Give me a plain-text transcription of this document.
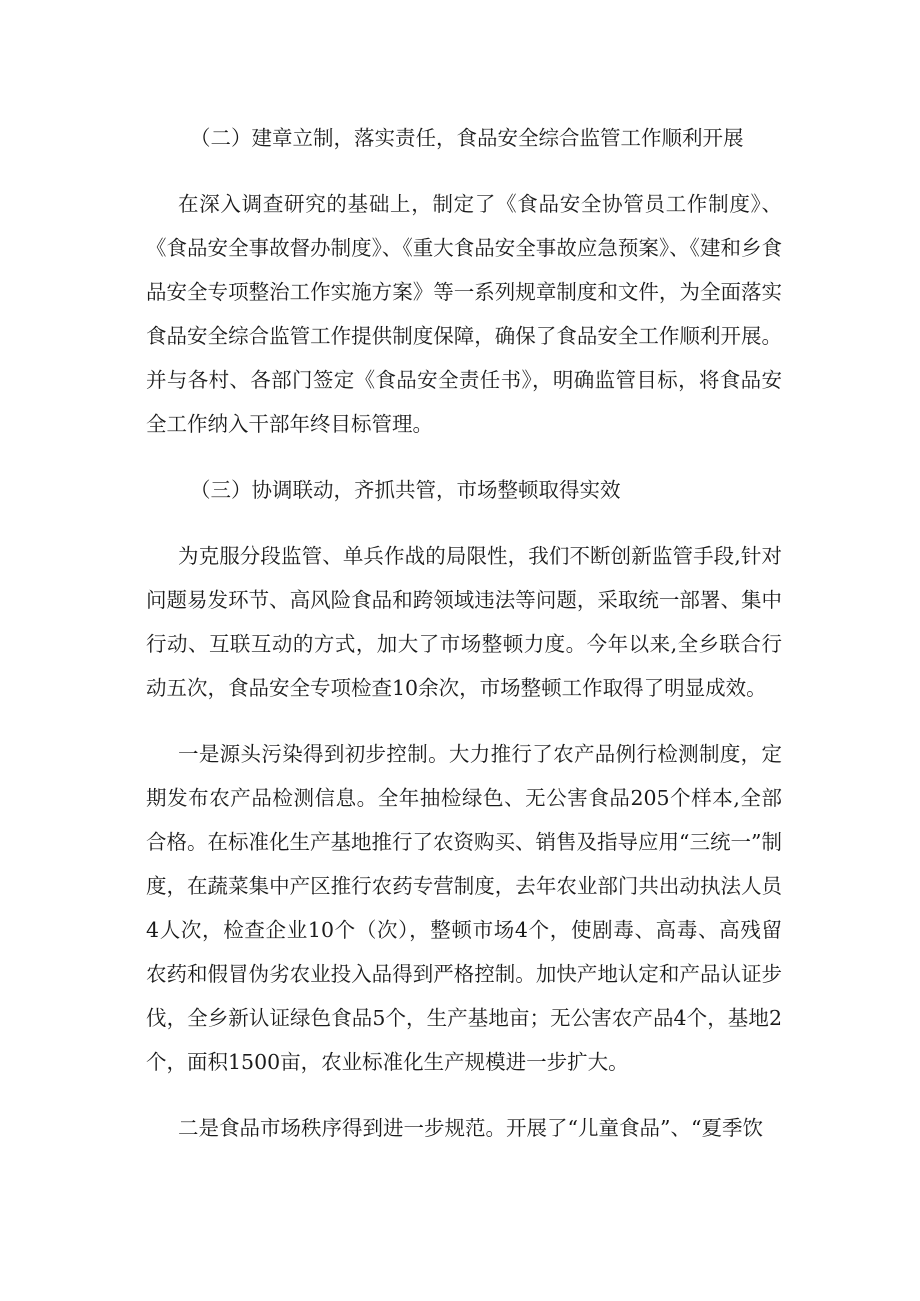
（二）建章立制，落实责任，食品安全综合监管工作顺利开展
在深入调查研究的基础上，制定了《食品安全协管员工作制度》、《食品安全事故督办制度》、《重大食品安全事故应急预案》、《建和乡食品安全专项整治工作实施方案》等一系列规章制度和文件，为全面落实食品安全综合监管工作提供制度保障，确保了食品安全工作顺利开展。并与各村、各部门签定《食品安全责任书》，明确监管目标，将食品安全工作纳入干部年终目标管理。
（三）协调联动，齐抓共管，市场整顿取得实效
为克服分段监管、单兵作战的局限性，我们不断创新监管手段,针对问题易发环节、高风险食品和跨领域违法等问题，采取统一部署、集中行动、互联互动的方式，加大了市场整顿力度。今年以来,全乡联合行动五次，食品安全专项检查10余次，市场整顿工作取得了明显成效。
一是源头污染得到初步控制。大力推行了农产品例行检测制度，定期发布农产品检测信息。全年抽检绿色、无公害食品205个样本,全部合格。在标准化生产基地推行了农资购买、销售及指导应用“三统一”制度，在蔬菜集中产区推行农药专营制度，去年农业部门共出动执法人员4人次，检查企业10个（次），整顿市场4个，使剧毒、高毒、高残留农药和假冒伪劣农业投入品得到严格控制。加快产地认定和产品认证步伐，全乡新认证绿色食品5个，生产基地亩；无公害农产品4个，基地2个，面积1500亩，农业标准化生产规模进一步扩大。
二是食品市场秩序得到进一步规范。开展了“儿童食品”、“夏季饮
